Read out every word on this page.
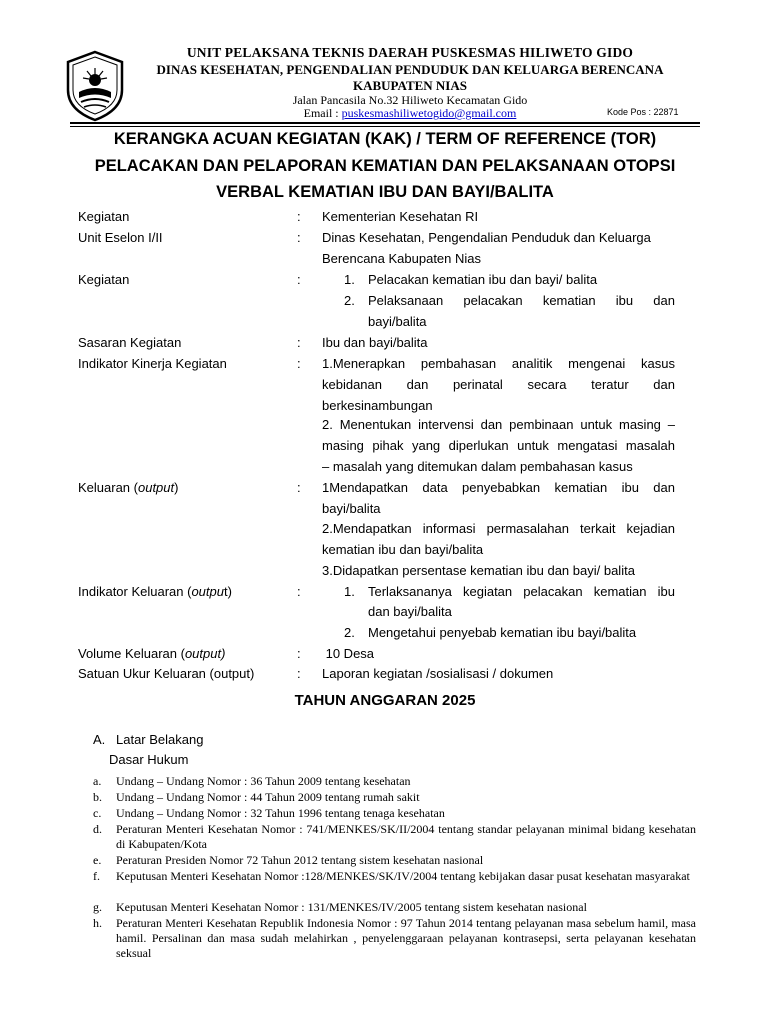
UNIT PELAKSANA TEKNIS DAERAH PUSKESMAS HILIWETO GIDO
DINAS KESEHATAN, PENGENDALIAN PENDUDUK DAN KELUARGA BERENCANA
KABUPATEN NIAS
Jalan Pancasila No.32 Hiliweto Kecamatan Gido
Email : puskesmashiliwetogido@gmail.com	Kode Pos : 22871
KERANGKA ACUAN KEGIATAN (KAK) / TERM OF REFERENCE (TOR)
PELACAKAN DAN PELAPORAN KEMATIAN DAN PELAKSANAAN OTOPSI
VERBAL KEMATIAN IBU DAN BAYI/BALITA
Kegiatan	: Kementerian Kesehatan RI
Unit Eselon I/II	: Dinas Kesehatan, Pengendalian Penduduk dan Keluarga
Berencana Kabupaten Nias
Kegiatan	:	1. Pelacakan kematian ibu dan bayi/ balita
2. Pelaksanaan pelacakan kematian ibu dan
bayi/balita
Sasaran Kegiatan	: Ibu dan bayi/balita
Indikator Kinerja Kegiatan	: 1.Menerapkan pembahasan analitik mengenai kasus
kebidanan dan perinatal secara teratur dan
berkesinambungan
2. Menentukan intervensi dan pembinaan untuk masing –
masing pihak yang diperlukan untuk mengatasi masalah
– masalah yang ditemukan dalam pembahasan kasus
Keluaran (output)	: 1Mendapatkan data penyebabkan kematian ibu dan
bayi/balita
2.Mendapatkan informasi permasalahan terkait kejadian
kematian ibu dan bayi/balita
3.Didapatkan persentase kematian ibu dan bayi/ balita
Indikator Keluaran (output)	:	1. Terlaksananya kegiatan pelacakan kematian ibu
dan bayi/balita
2. Mengetahui penyebab kematian ibu bayi/balita
Volume Keluaran (output)	: 10 Desa
Satuan Ukur Keluaran (output)	: Laporan kegiatan /sosialisasi / dokumen
TAHUN ANGGARAN 2025
A. Latar Belakang
Dasar Hukum
a. Undang – Undang Nomor : 36 Tahun 2009 tentang kesehatan
b. Undang – Undang Nomor : 44 Tahun 2009 tentang rumah sakit
c. Undang – Undang Nomor : 32 Tahun 1996 tentang tenaga kesehatan
d. Peraturan Menteri Kesehatan Nomor : 741/MENKES/SK/II/2004 tentang standar pelayanan minimal bidang kesehatan di Kabupaten/Kota
e. Peraturan Presiden Nomor 72 Tahun 2012 tentang sistem kesehatan nasional
f. Keputusan Menteri Kesehatan Nomor :128/MENKES/SK/IV/2004 tentang kebijakan dasar pusat kesehatan masyarakat
g. Keputusan Menteri Kesehatan Nomor : 131/MENKES/IV/2005 tentang sistem kesehatan nasional
h. Peraturan Menteri Kesehatan Republik Indonesia Nomor : 97 Tahun 2014 tentang pelayanan masa sebelum hamil, masa hamil. Persalinan dan masa sudah melahirkan , penyelenggaraan pelayanan kontrasepsi, serta pelayanan kesehatan seksual
